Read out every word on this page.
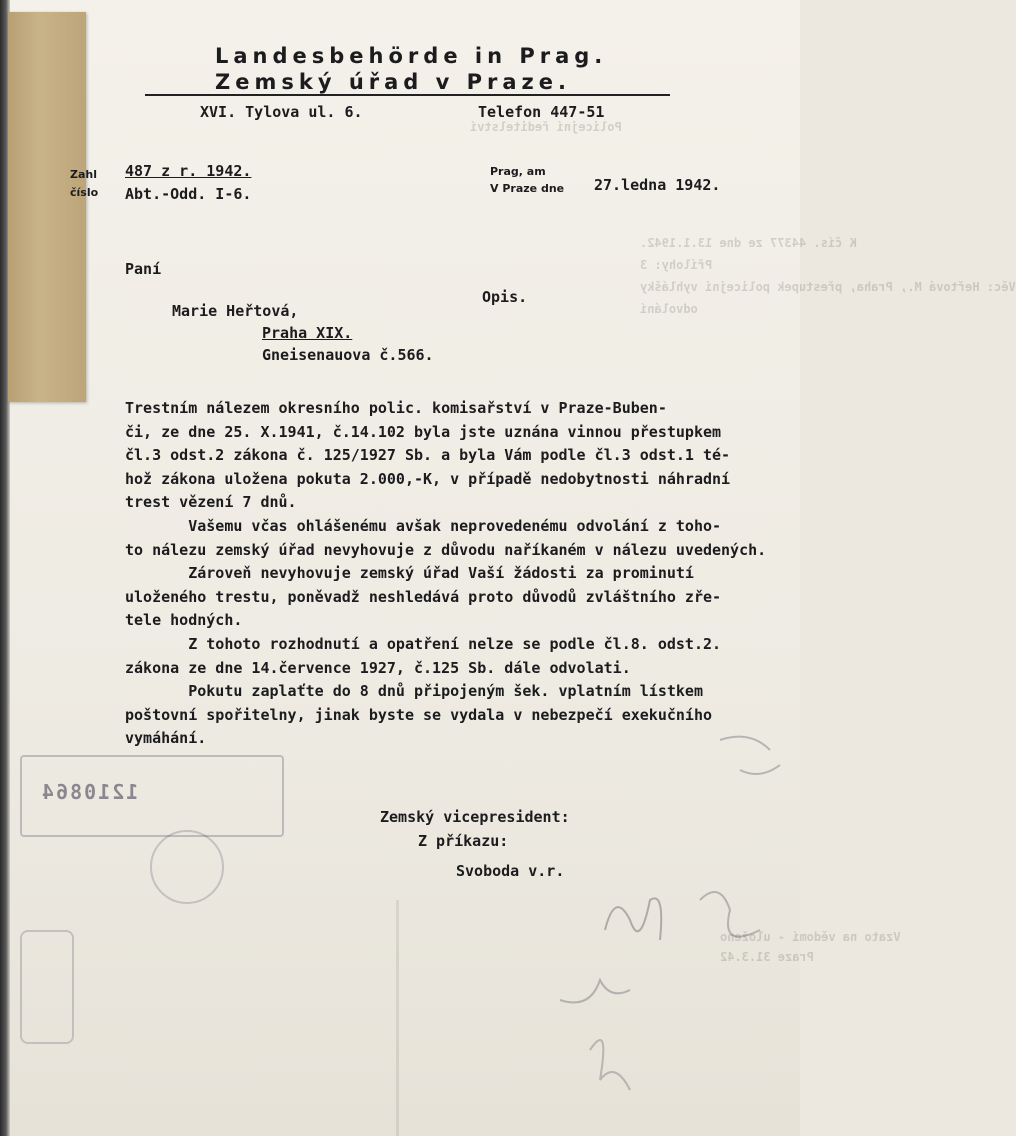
Policejní ředitelství
K čís. 44377 ze dne 13.1.1942.
Přílohy: 3
Věc: Heřtová M., Praha, přestupek policejní vyhlášky
odvolání
Vzato na vědomí - uloženo
Praze 31.3.42
Landesbehörde in Prag.
Zemský úřad v Praze.
XVI. Tylova ul. 6.	Telefon 447-51
Zahl
číslo
487 z r. 1942.
Abt.-Odd. I-6.
Prag, am
V Praze dne 27.ledna 1942.
Paní
Opis.
Marie Heřtová,
Praha XIX.
Gneisenauova č.566.

Trestním nálezem okresního polic. komisařství v Praze-Buben-

či, ze dne 25. X.1941, č.14.102 byla jste uznána vinnou přestupkem

čl.3 odst.2 zákona č. 125/1927 Sb. a byla Vám podle čl.3 odst.1 té-

hož zákona uložena pokuta 2.000,-K, v případě nedobytnosti náhradní

trest vězení 7 dnů.

Vašemu včas ohlášenému avšak neprovedenému odvolání z toho-

to nálezu zemský úřad nevyhovuje z důvodu naříkaném v nálezu uvedených.

Zároveň nevyhovuje zemský úřad Vaší žádosti za prominutí

uloženého trestu, poněvadž neshledává proto důvodů zvláštního zře-

tele hodných.

Z tohoto rozhodnutí a opatření nelze se podle čl.8. odst.2.

zákona ze dne 14.července 1927, č.125 Sb. dále odvolati.

Pokutu zaplaťte do 8 dnů připojeným šek. vplatním lístkem

poštovní spořitelny, jinak byste se vydala v nebezpečí exekučního

vymáhání.

1210864
Zemský vicepresident:
Z příkazu:
Svoboda v.r.
